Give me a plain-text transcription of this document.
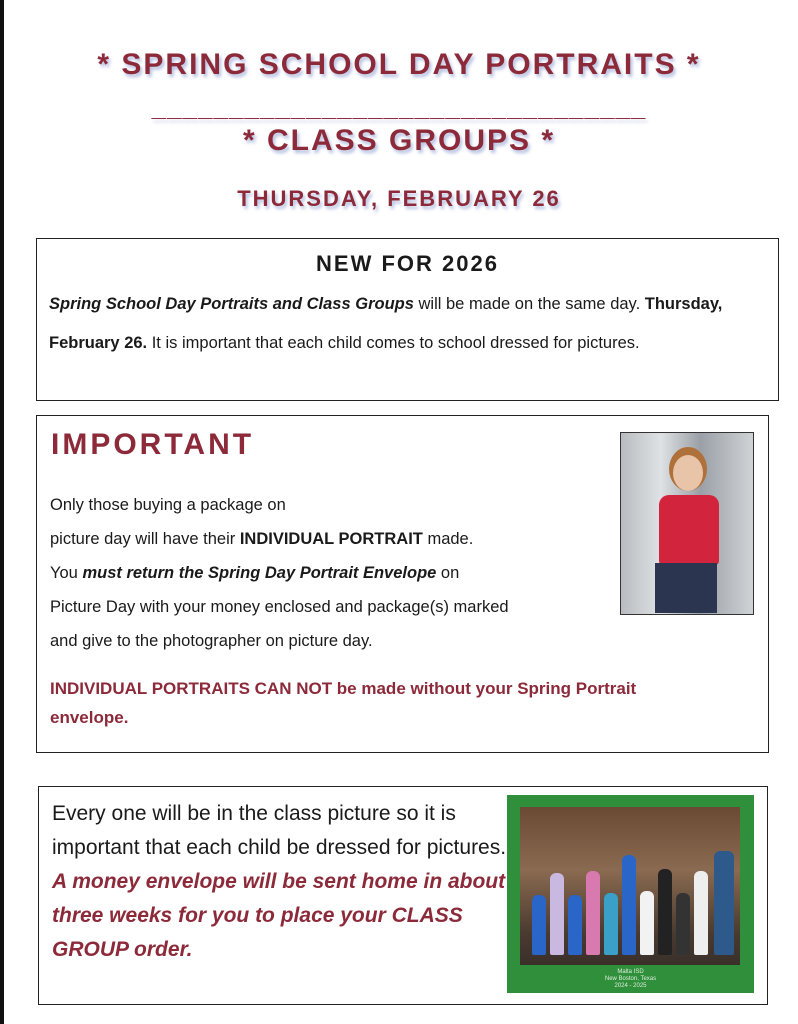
* SPRING SCHOOL DAY PORTRAITS *
________________________________
* CLASS GROUPS *
THURSDAY, FEBRUARY 26
NEW FOR 2026
Spring School Day Portraits and Class Groups will be made on the same day. Thursday, February 26. It is important that each child comes to school dressed for pictures.
IMPORTANT
Only those buying a package on
picture day will have their INDIVIDUAL PORTRAIT made.
You must return the Spring Day Portrait Envelope on
Picture Day with your money enclosed and package(s) marked
and give to the photographer on picture day.
INDIVIDUAL PORTRAITS CAN NOT be made without your Spring Portrait envelope.
Every one will be in the class picture so it is important that each child be dressed for pictures. A money envelope will be sent home in about three weeks for you to place your CLASS GROUP order.
Malta ISD
New Boston, Texas
2024 - 2025
